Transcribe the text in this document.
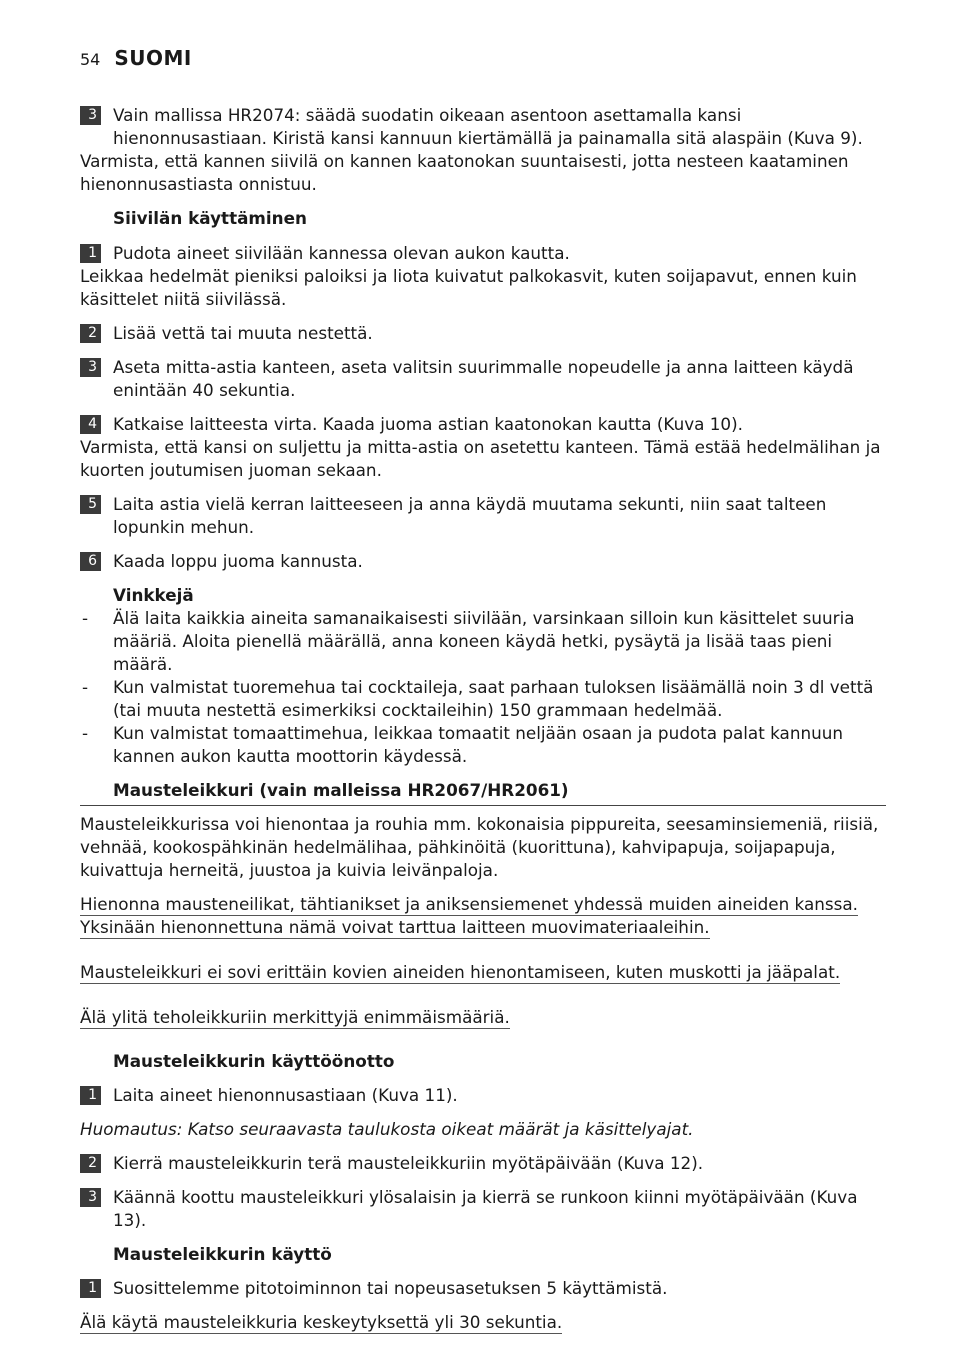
54 SUOMI
3 Vain mallissa HR2074: säädä suodatin oikeaan asentoon asettamalla kansi hienonnusastiaan. Kiristä kansi kannuun kiertämällä ja painamalla sitä alaspäin (Kuva 9).

Varmista, että kannen siivilä on kannen kaatonokan suuntaisesti, jotta nesteen kaataminen hienonnusastiasta onnistuu.

Siivilän käyttäminen
1 Pudota aineet siivilään kannessa olevan aukon kautta.

Leikkaa hedelmät pieniksi paloiksi ja liota kuivatut palkokasvit, kuten soijapavut, ennen kuin käsittelet niitä siivilässä.

2 Lisää vettä tai muuta nestettä.
3 Aseta mitta-astia kanteen, aseta valitsin suurimmalle nopeudelle ja anna laitteen käydä enintään 40 sekuntia.
4 Katkaise laitteesta virta. Kaada juoma astian kaatonokan kautta (Kuva 10).

Varmista, että kansi on suljettu ja mitta-astia on asetettu kanteen. Tämä estää hedelmälihan ja kuorten joutumisen juoman sekaan.

5 Laita astia vielä kerran laitteeseen ja anna käydä muutama sekunti, niin saat talteen lopunkin mehun.
6 Kaada loppu juoma kannusta.
Vinkkejä
-	Älä laita kaikkia aineita samanaikaisesti siivilään, varsinkaan silloin kun käsittelet suuria määriä. Aloita pienellä määrällä, anna koneen käydä hetki, pysäytä ja lisää taas pieni määrä.
-	Kun valmistat tuoremehua tai cocktaileja, saat parhaan tuloksen lisäämällä noin 3 dl vettä (tai muuta nestettä esimerkiksi cocktaileihin) 150 grammaan hedelmää.
-	Kun valmistat tomaattimehua, leikkaa tomaatit neljään osaan ja pudota palat kannuun kannen aukon kautta moottorin käydessä.
Mausteleikkuri (vain malleissa HR2067/HR2061)

Mausteleikkurissa voi hienontaa ja rouhia mm. kokonaisia pippureita, seesaminsiemeniä, riisiä, vehnää, kookospähkinän hedelmälihaa, pähkinöitä (kuorittuna), kahvipapuja, soijapapuja, kuivattuja herneitä, juustoa ja kuivia leivänpaloja.

Hienonna mausteneilikat, tähtianikset ja aniksensiemenet yhdessä muiden aineiden kanssa.
Yksinään hienonnettuna nämä voivat tarttua laitteen muovimateriaaleihin.
Mausteleikkuri ei sovi erittäin kovien aineiden hienontamiseen, kuten muskotti ja jääpalat.
Älä ylitä teholeikkuriin merkittyjä enimmäismääriä.
Mausteleikkurin käyttöönotto
1 Laita aineet hienonnusastiaan (Kuva 11).

Huomautus: Katso seuraavasta taulukosta oikeat määrät ja käsittelyajat.

2 Kierrä mausteleikkurin terä mausteleikkuriin myötäpäivään (Kuva 12).
3 Käännä koottu mausteleikkuri ylösalaisin ja kierrä se runkoon kiinni myötäpäivään (Kuva 13).
Mausteleikkurin käyttö
1 Suosittelemme pitotoiminnon tai nopeusasetuksen 5 käyttämistä.
Älä käytä mausteleikkuria keskeytyksettä yli 30 sekuntia.
